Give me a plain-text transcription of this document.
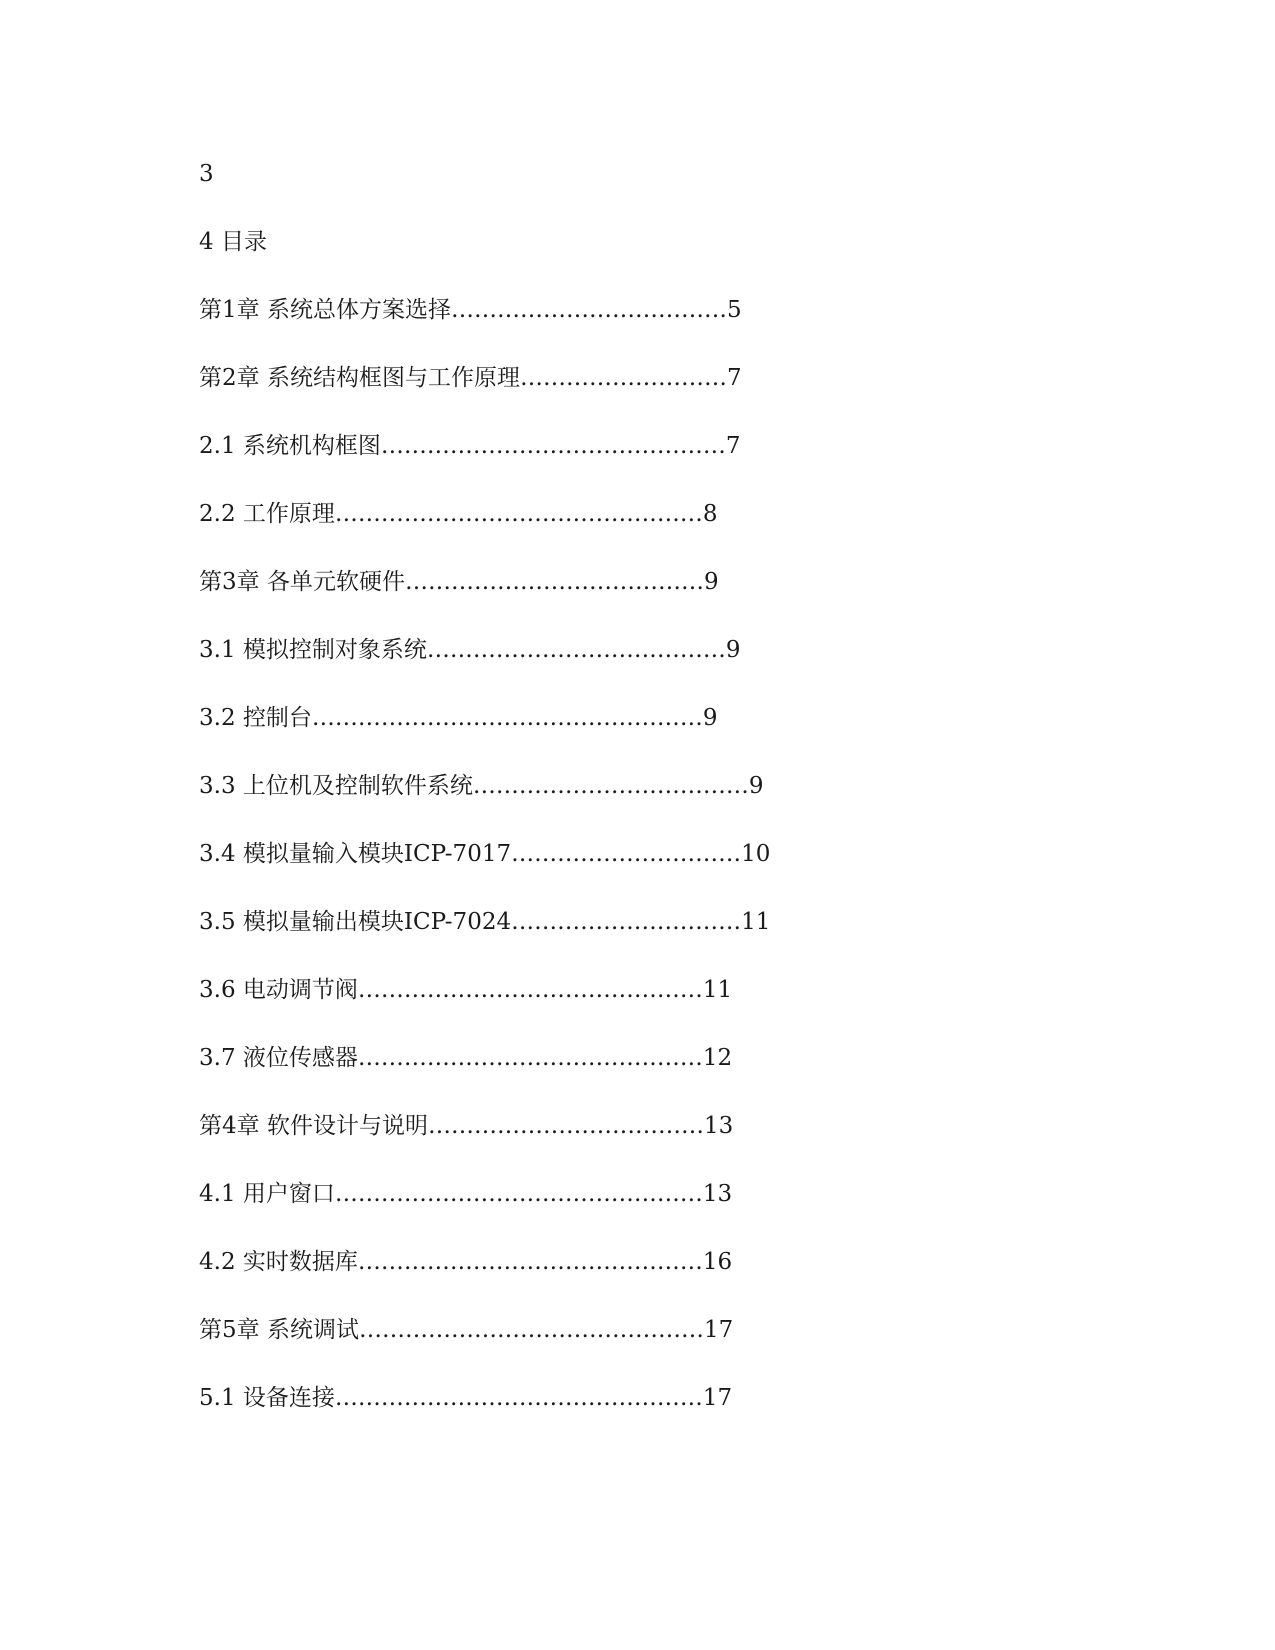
3
4 目录
第1章 系统总体方案选择………………………………5
第2章 系统结构框图与工作原理………………………7
2.1 系统机构框图………………………………………7
2.2 工作原理…………………………………………8
第3章 各单元软硬件…………………………………9
3.1 模拟控制对象系统…………………………………9
3.2 控制台……………………………………………9
3.3 上位机及控制软件系统………………………………9
3.4 模拟量输入模块ICP-7017…………………………10
3.5 模拟量输出模块ICP-7024…………………………11
3.6 电动调节阀………………………………………11
3.7 液位传感器………………………………………12
第4章 软件设计与说明………………………………13
4.1 用户窗口…………………………………………13
4.2 实时数据库………………………………………16
第5章 系统调试………………………………………17
5.1 设备连接…………………………………………17
